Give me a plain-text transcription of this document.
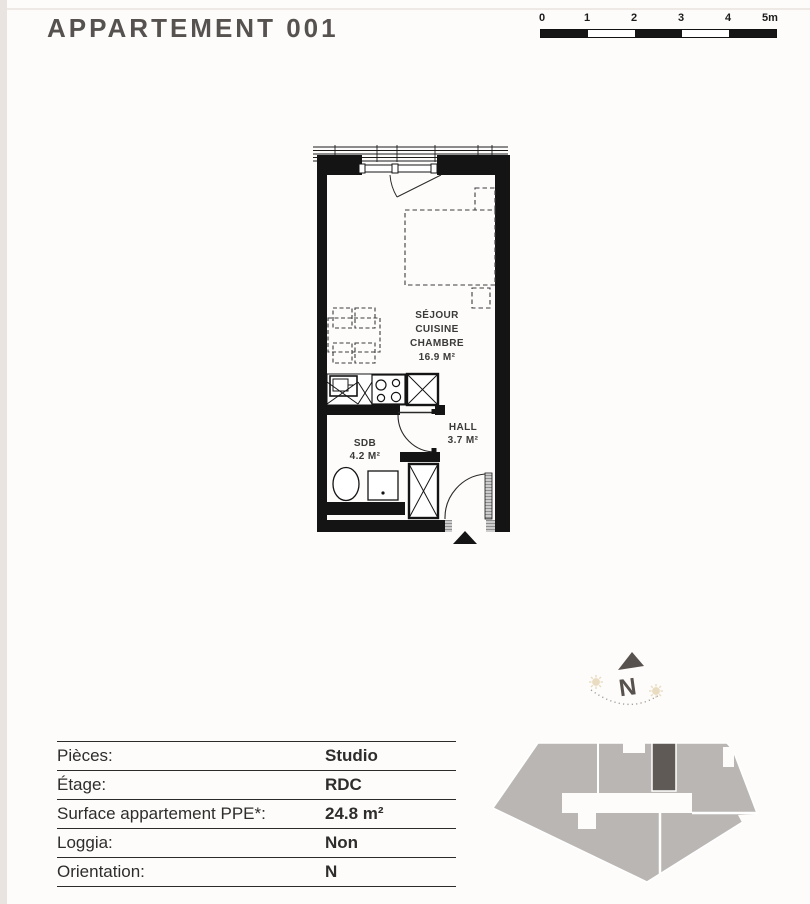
APPARTEMENT 001	0	1	2	3	4	5m
SÉJOUR
CUISINE
CHAMBRE
16.9 M²
HALL
3.7 M²
SDB
4.2 M²
N
Pièces:	Studio
Étage:	RDC
Surface appartement PPE*:	24.8 m²
Loggia:	Non
Orientation:	N
